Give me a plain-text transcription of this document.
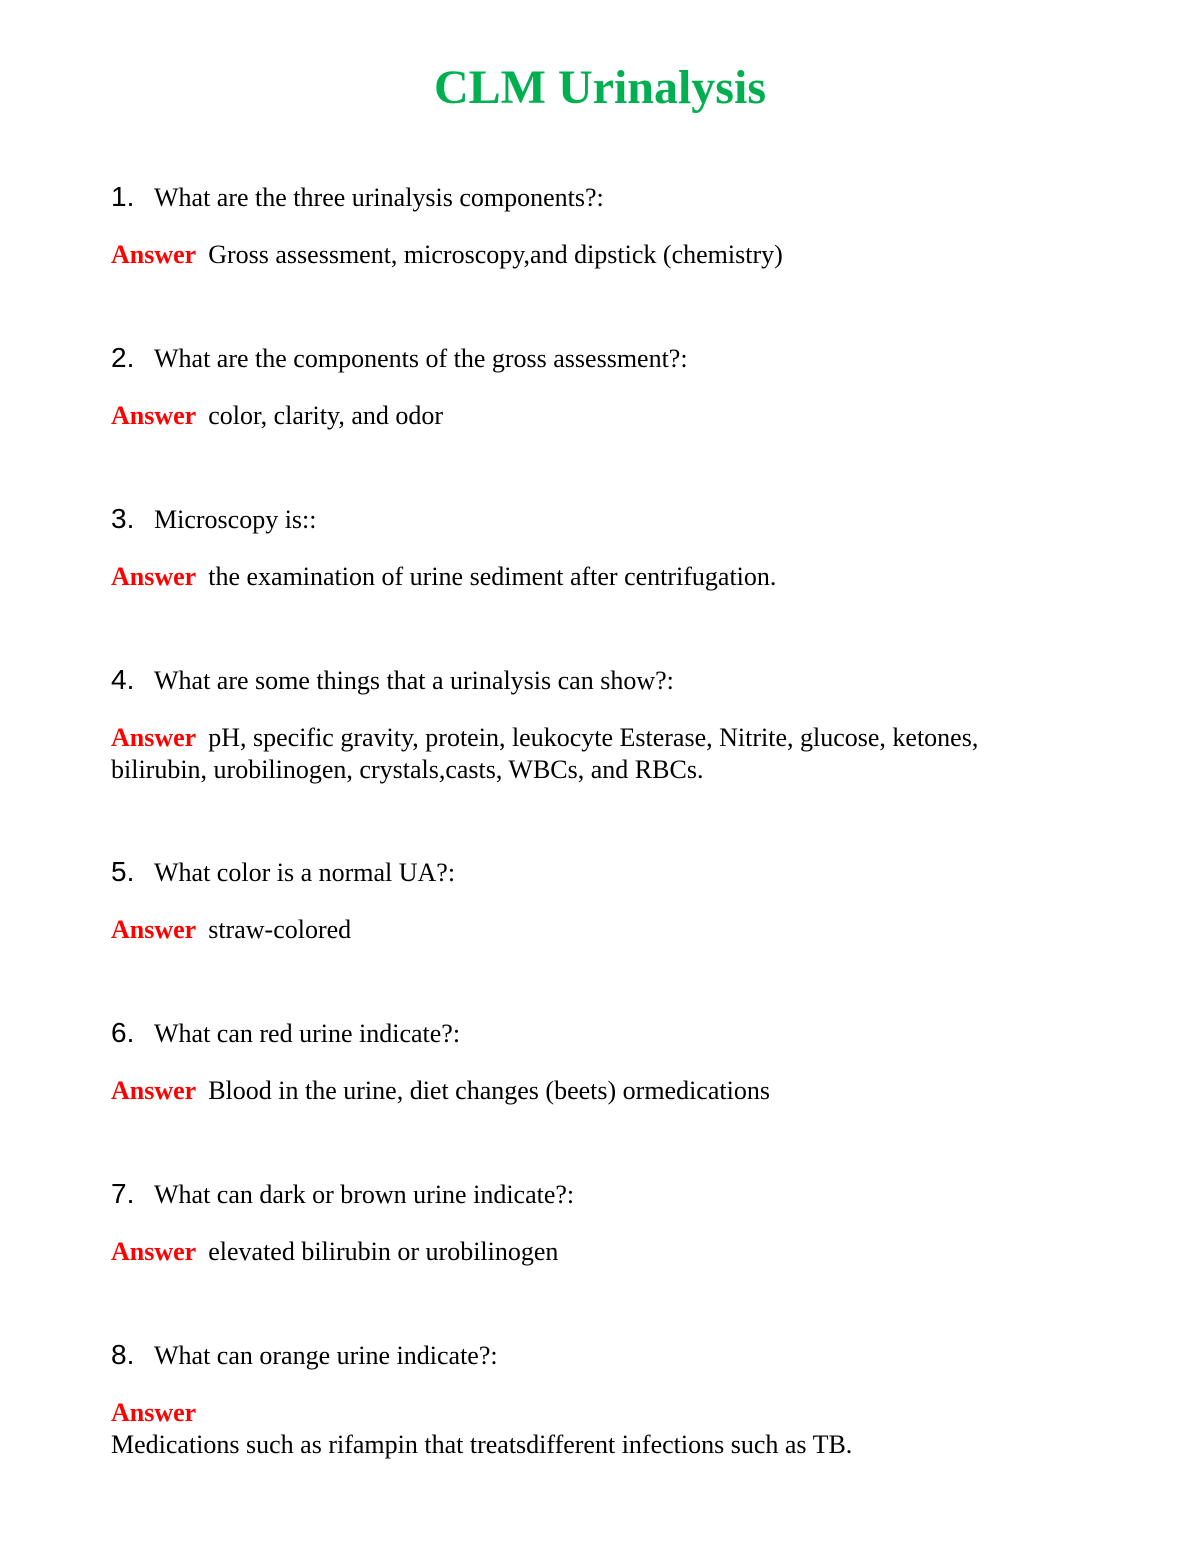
CLM Urinalysis
1. What are the three urinalysis components?:
Answer Gross assessment, microscopy,and dipstick (chemistry)
2. What are the components of the gross assessment?:
Answer color, clarity, and odor
3. Microscopy is::
Answer the examination of urine sediment after centrifugation.
4. What are some things that a urinalysis can show?:
Answer pH, specific gravity, protein, leukocyte Esterase, Nitrite, glucose, ketones, bilirubin, urobilinogen, crystals,casts, WBCs, and RBCs.
5. What color is a normal UA?:
Answer straw-colored
6. What can red urine indicate?:
Answer Blood in the urine, diet changes (beets) ormedications
7. What can dark or brown urine indicate?:
Answer elevated bilirubin or urobilinogen
8. What can orange urine indicate?:
Answer
Medications such as rifampin that treatsdifferent infections such as TB.
